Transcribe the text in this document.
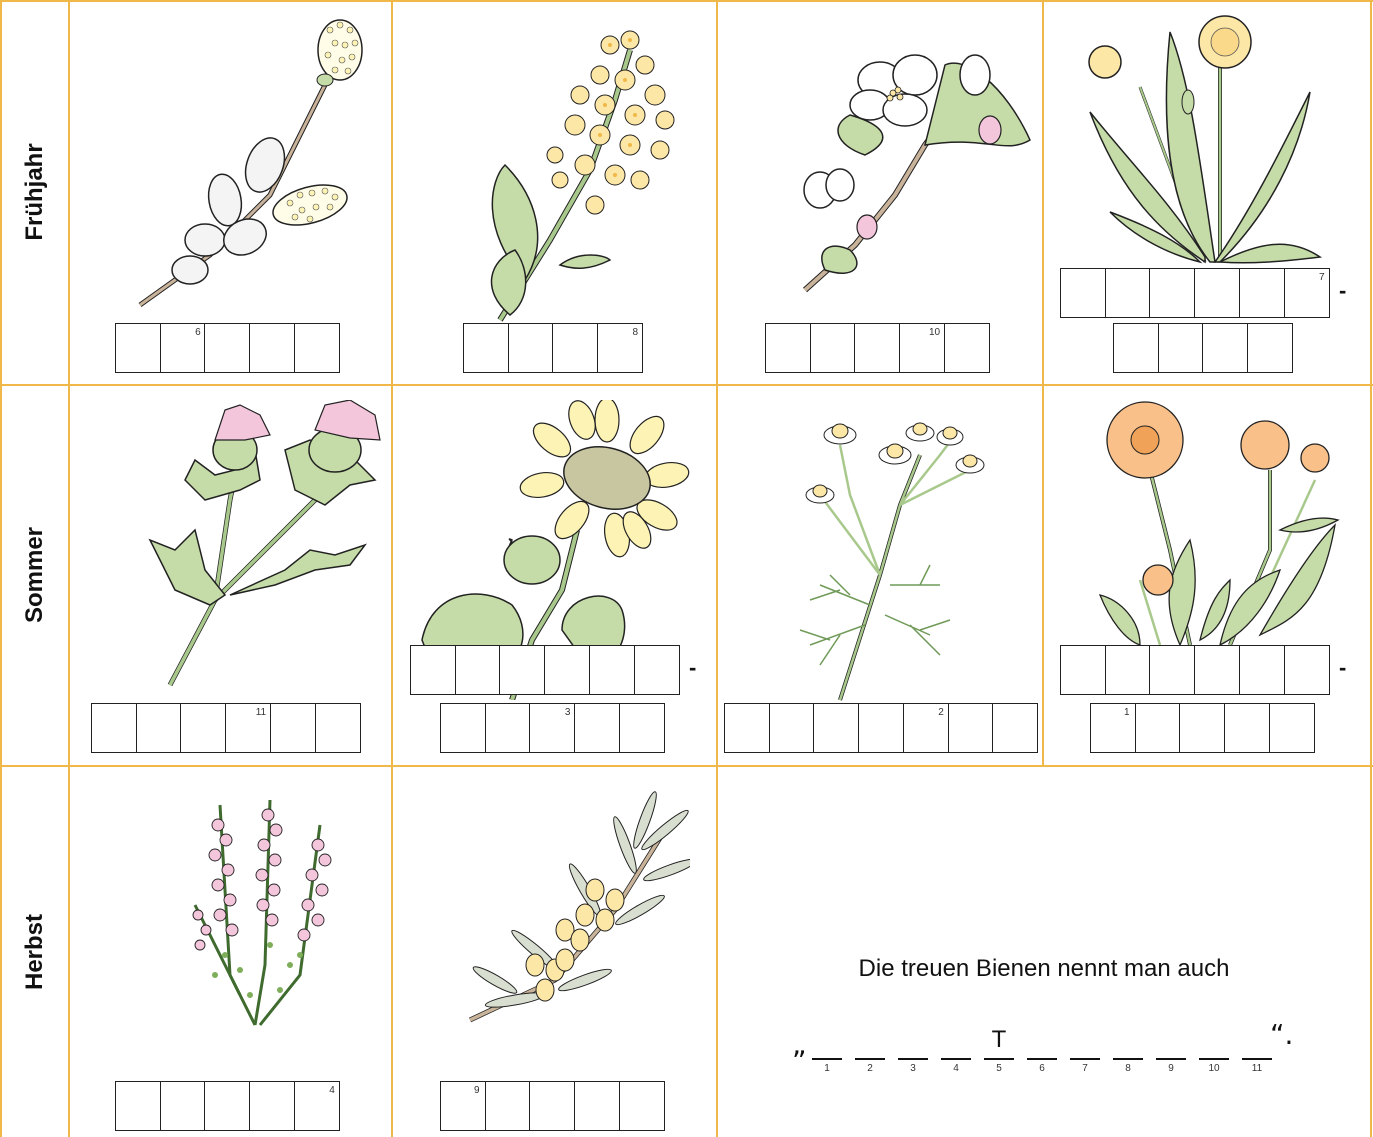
Frühjahr
Sommer
Herbst
6	8	10
7
-
11
-
3	2
-
1
4	9
Die treuen Bienen nennt man auch
„
1	2	3	4
T
5	6	7	8	9	10	11
“.
